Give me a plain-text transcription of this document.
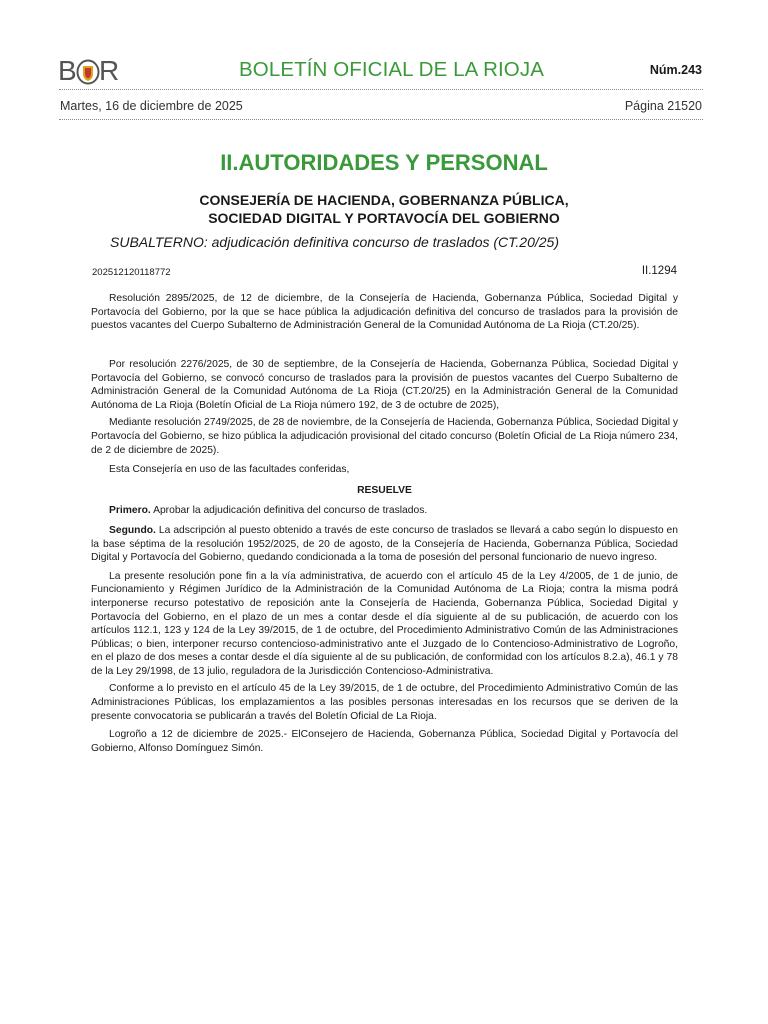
B R	BOLETÍN OFICIAL DE LA RIOJA	Núm.243
Martes, 16 de diciembre de 2025	Página 21520
II.AUTORIDADES Y PERSONAL
CONSEJERÍA DE HACIENDA, GOBERNANZA PÚBLICA,
SOCIEDAD DIGITAL Y PORTAVOCÍA DEL GOBIERNO
SUBALTERNO: adjudicación definitiva concurso de traslados (CT.20/25)
202512120118772	II.1294

Resolución 2895/2025, de 12 de diciembre, de la Consejería de Hacienda, Gobernanza Pública, Sociedad Digital y Portavocía del Gobierno, por la que se hace pública la adjudicación definitiva del concurso de traslados para la provisión de puestos vacantes del Cuerpo Subalterno de Administración General de la Comunidad Autónoma de La Rioja (CT.20/25).

Por resolución 2276/2025, de 30 de septiembre, de la Consejería de Hacienda, Gobernanza Pública, Sociedad Digital y Portavocía del Gobierno, se convocó concurso de traslados para la provisión de puestos vacantes del Cuerpo Subalterno de Administración General de la Comunidad Autónoma de La Rioja (CT.20/25) en la Administración General de la Comunidad Autónoma de La Rioja (Boletín Oficial de La Rioja número 192, de 3 de octubre de 2025),

Mediante resolución 2749/2025, de 28 de noviembre, de la Consejería de Hacienda, Gobernanza Pública, Sociedad Digital y Portavocía del Gobierno, se hizo pública la adjudicación provisional del citado concurso (Boletín Oficial de La Rioja número 234, de 2 de diciembre de 2025).

Esta Consejería en uso de las facultades conferidas,

RESUELVE

Primero. Aprobar la adjudicación definitiva del concurso de traslados.

Segundo. La adscripción al puesto obtenido a través de este concurso de traslados se llevará a cabo según lo dispuesto en la base séptima de la resolución 1952/2025, de 20 de agosto, de la Consejería de Hacienda, Gobernanza Pública, Sociedad Digital y Portavocía del Gobierno, quedando condicionada a la toma de posesión del personal funcionario de nuevo ingreso.

La presente resolución pone fin a la vía administrativa, de acuerdo con el artículo 45 de la Ley 4/2005, de 1 de junio, de Funcionamiento y Régimen Jurídico de la Administración de la Comunidad Autónoma de La Rioja; contra la misma podrá interponerse recurso potestativo de reposición ante la Consejería de Hacienda, Gobernanza Pública, Sociedad Digital y Portavocía del Gobierno, en el plazo de un mes a contar desde el día siguiente al de su publicación, de acuerdo con los artículos 112.1, 123 y 124 de la Ley 39/2015, de 1 de octubre, del Procedimiento Administrativo Común de las Administraciones Públicas; o bien, interponer recurso contencioso-administrativo ante el Juzgado de lo Contencioso-Administrativo de Logroño, en el plazo de dos meses a contar desde el día siguiente al de su publicación, de conformidad con los artículos 8.2.a), 46.1 y 78 de la Ley 29/1998, de 13 julio, reguladora de la Jurisdicción Contencioso-Administrativa.

Conforme a lo previsto en el artículo 45 de la Ley 39/2015, de 1 de octubre, del Procedimiento Administrativo Común de las Administraciones Públicas, los emplazamientos a las posibles personas interesadas en los recursos que se deriven de la presente convocatoria se publicarán a través del Boletín Oficial de La Rioja.

Logroño a 12 de diciembre de 2025.- ElConsejero de Hacienda, Gobernanza Pública, Sociedad Digital y Portavocía del Gobierno, Alfonso Domínguez Simón.
